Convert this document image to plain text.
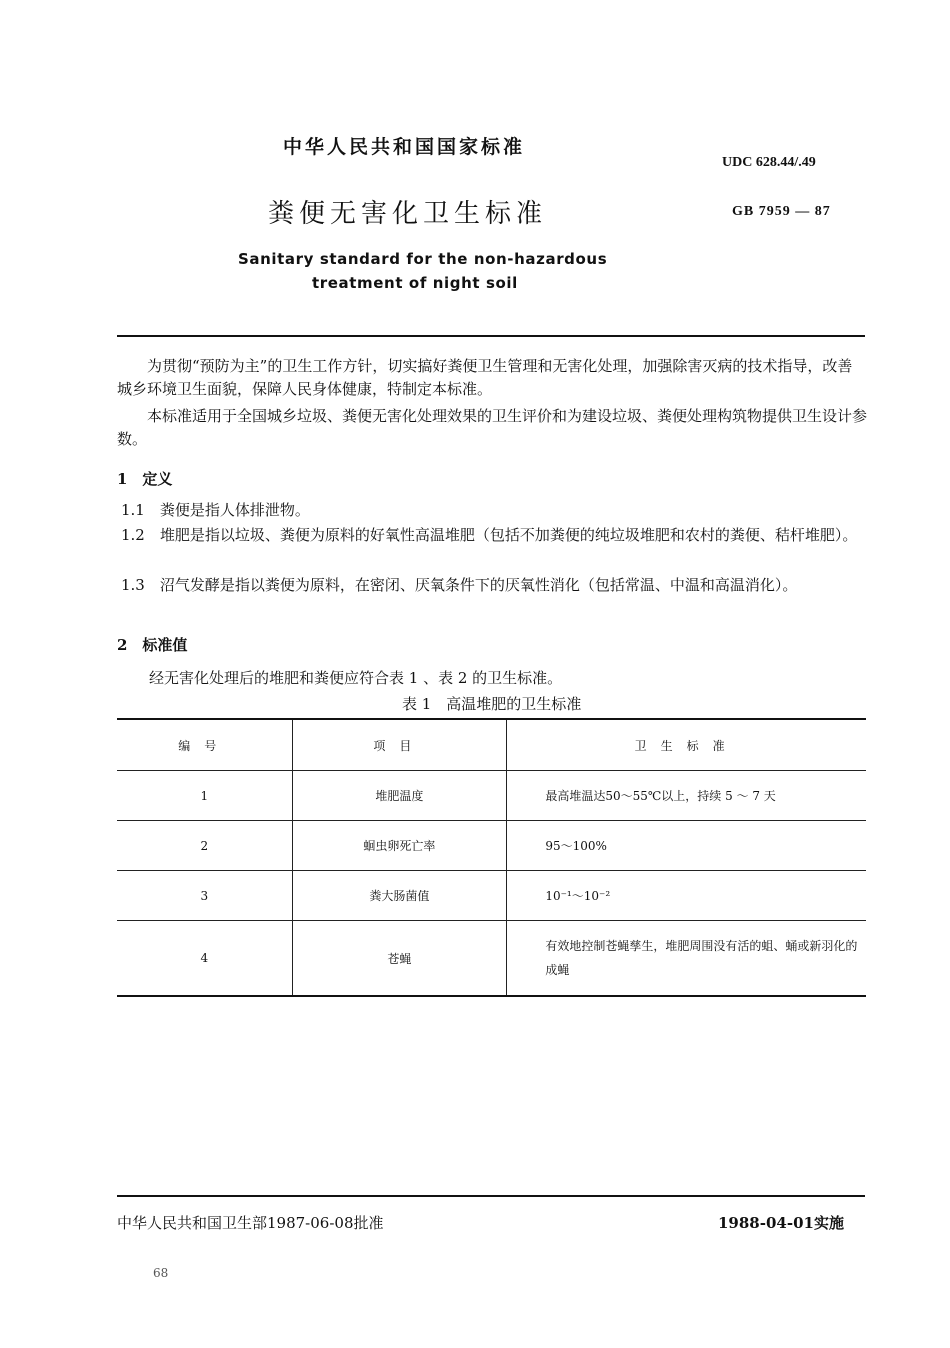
中华人民共和国国家标准
UDC 628.44/.49
粪便无害化卫生标准	GB 7959 — 87
Sanitary standard for the non-hazardous
treatment of night soil
为贯彻“预防为主”的卫生工作方针，切实搞好粪便卫生管理和无害化处理，加强除害灭病的技术指导，改善城乡环境卫生面貌，保障人民身体健康，特制定本标准。
本标准适用于全国城乡垃圾、粪便无害化处理效果的卫生评价和为建设垃圾、粪便处理构筑物提供卫生设计参数。
1　定义
1.1　粪便是指人体排泄物。
1.2　堆肥是指以垃圾、粪便为原料的好氧性高温堆肥（包括不加粪便的纯垃圾堆肥和农村的粪便、秸杆堆肥）。
1.3　沼气发酵是指以粪便为原料，在密闭、厌氧条件下的厌氧性消化（包括常温、中温和高温消化）。
2　标准值
经无害化处理后的堆肥和粪便应符合表 1 、表 2 的卫生标准。
表 1　高温堆肥的卫生标准
编号	项目	卫生标准
1	堆肥温度	最高堆温达50～55℃以上，持续 5 ～ 7 天
2	蛔虫卵死亡率	95～100%
3	粪大肠菌值	10⁻¹～10⁻²
4	苍蝇	有效地控制苍蝇孳生，堆肥周围没有活的蛆、蛹或新羽化的成蝇
中华人民共和国卫生部1987-06-08批准	1988-04-01实施
68
